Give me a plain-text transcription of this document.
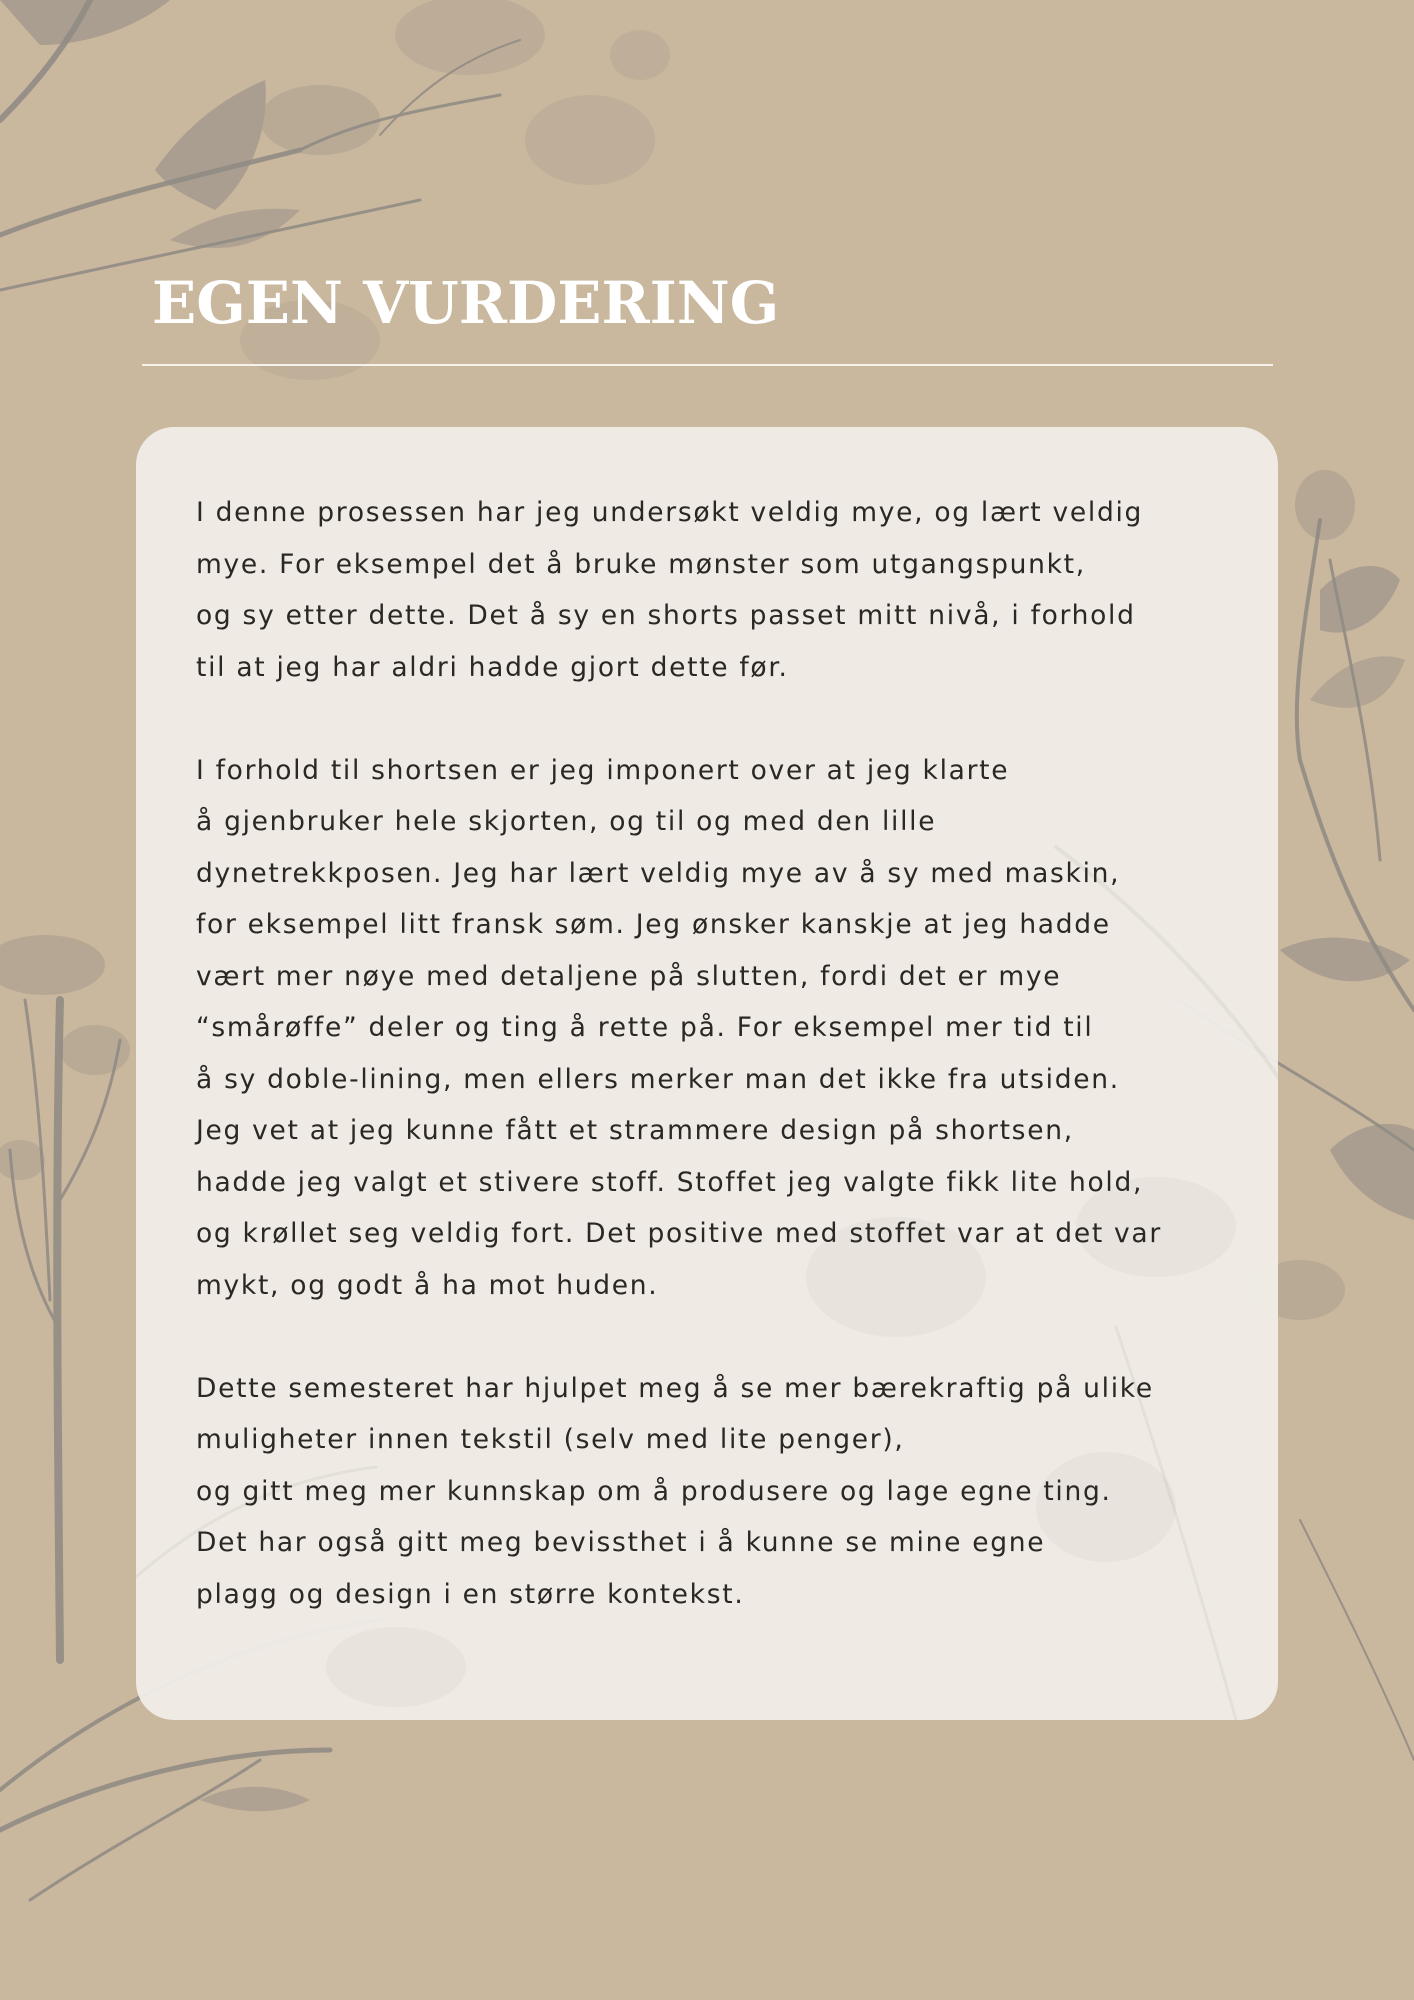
EGEN VURDERING

I denne prosessen har jeg undersøkt veldig mye, og lært veldig
mye. For eksempel det å bruke mønster som utgangspunkt,
og sy etter dette. Det å sy en shorts passet mitt nivå, i forhold
til at jeg har aldri hadde gjort dette før.

I forhold til shortsen er jeg imponert over at jeg klarte
å gjenbruker hele skjorten, og til og med den lille
dynetrekkposen. Jeg har lært veldig mye av å sy med maskin,
for eksempel litt fransk søm. Jeg ønsker kanskje at jeg hadde
vært mer nøye med detaljene på slutten, fordi det er mye
“smårøffe” deler og ting å rette på. For eksempel mer tid til
å sy doble-lining, men ellers merker man det ikke fra utsiden.
Jeg vet at jeg kunne fått et strammere design på shortsen,
hadde jeg valgt et stivere stoff. Stoffet jeg valgte fikk lite hold,
og krøllet seg veldig fort. Det positive med stoffet var at det var
mykt, og godt å ha mot huden.

Dette semesteret har hjulpet meg å se mer bærekraftig på ulike
muligheter innen tekstil (selv med lite penger),
og gitt meg mer kunnskap om å produsere og lage egne ting.
Det har også gitt meg bevissthet i å kunne se mine egne
plagg og design i en større kontekst.
